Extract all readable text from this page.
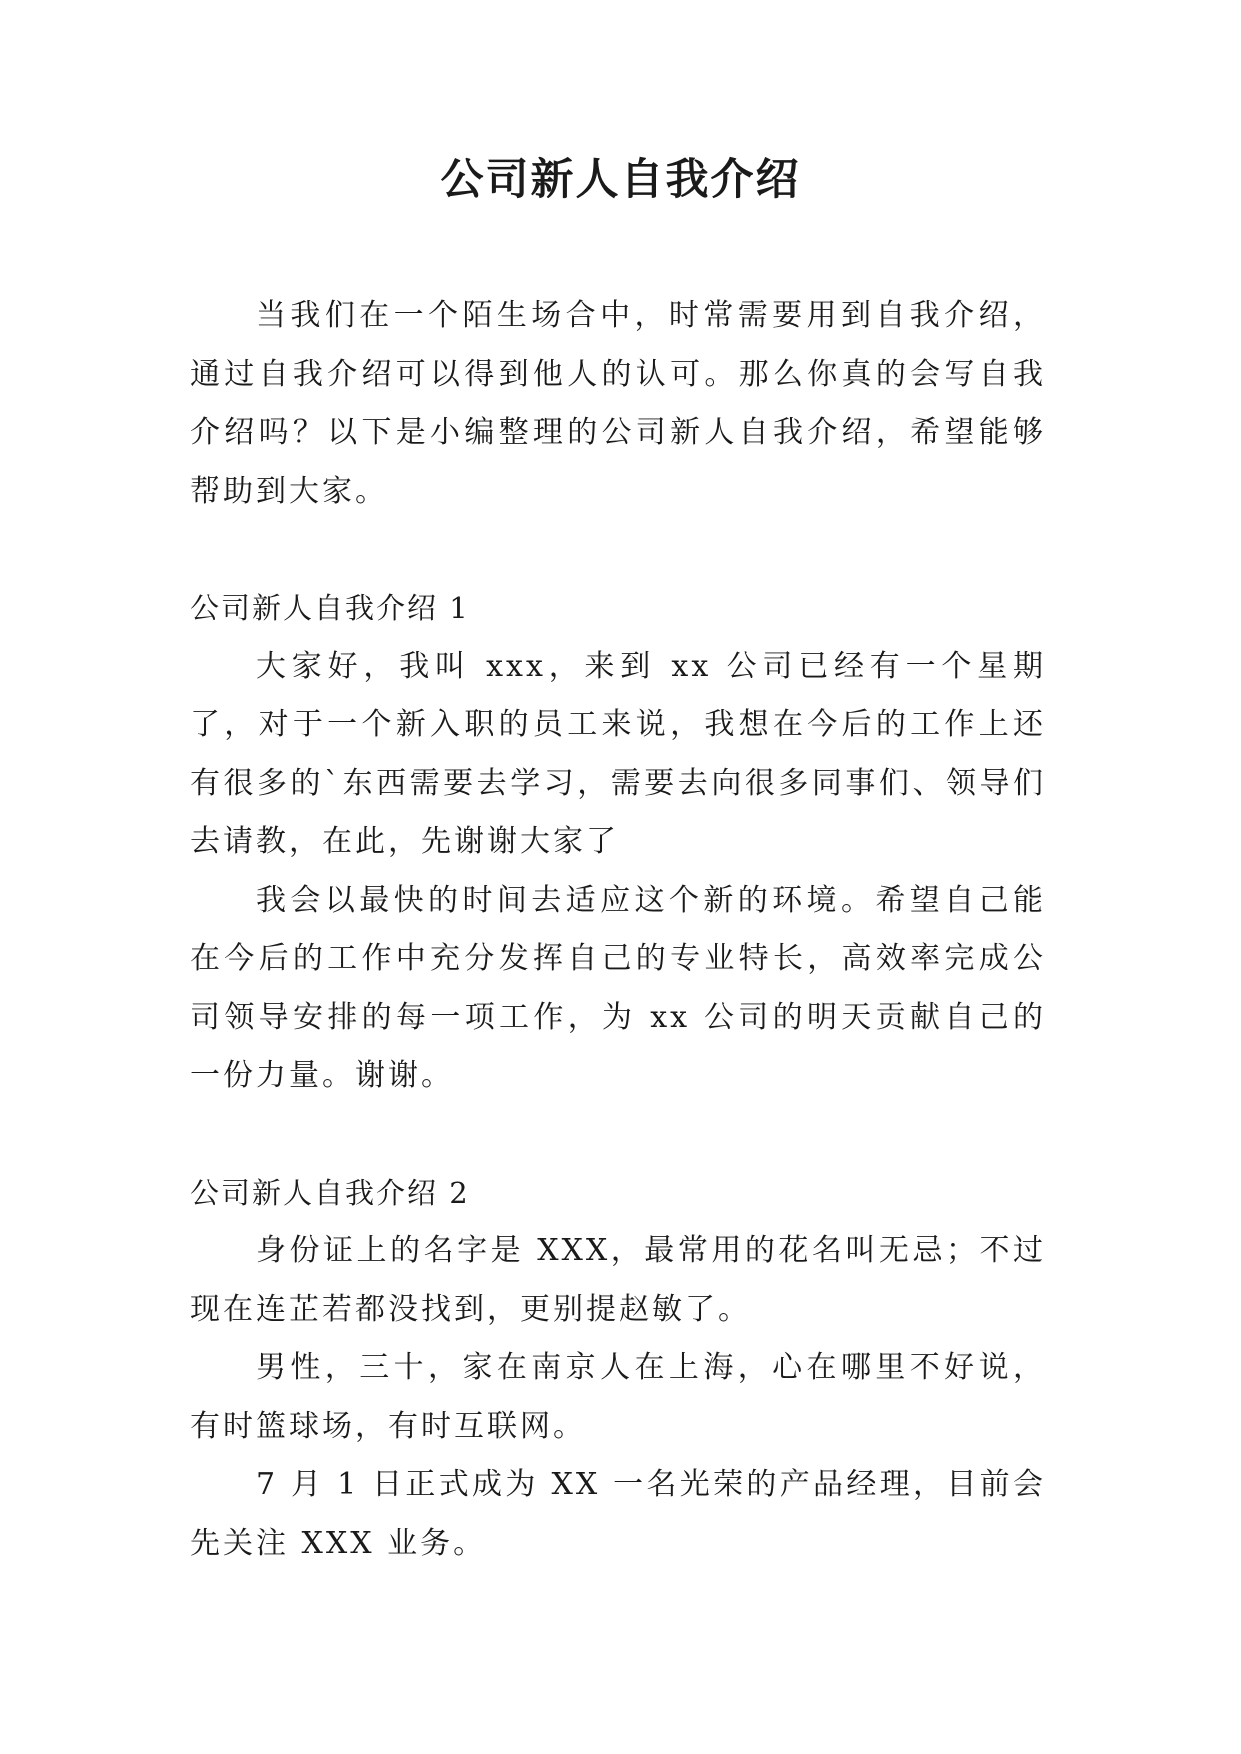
公司新人自我介绍

当我们在一个陌生场合中，时常需要用到自我介绍，通过自我介绍可以得到他人的认可。那么你真的会写自我介绍吗？以下是小编整理的公司新人自我介绍，希望能够帮助到大家。

公司新人自我介绍 1

大家好，我叫 xxx，来到 xx 公司已经有一个星期了，对于一个新入职的员工来说，我想在今后的工作上还有很多的`东西需要去学习，需要去向很多同事们、领导们去请教，在此，先谢谢大家了

我会以最快的时间去适应这个新的环境。希望自己能在今后的工作中充分发挥自己的专业特长，高效率完成公司领导安排的每一项工作，为 xx 公司的明天贡献自己的一份力量。谢谢。

公司新人自我介绍 2

身份证上的名字是 XXX，最常用的花名叫无忌；不过现在连芷若都没找到，更别提赵敏了。

男性，三十，家在南京人在上海，心在哪里不好说，有时篮球场，有时互联网。

7 月 1 日正式成为 XX 一名光荣的产品经理，目前会先关注 XXX 业务。
